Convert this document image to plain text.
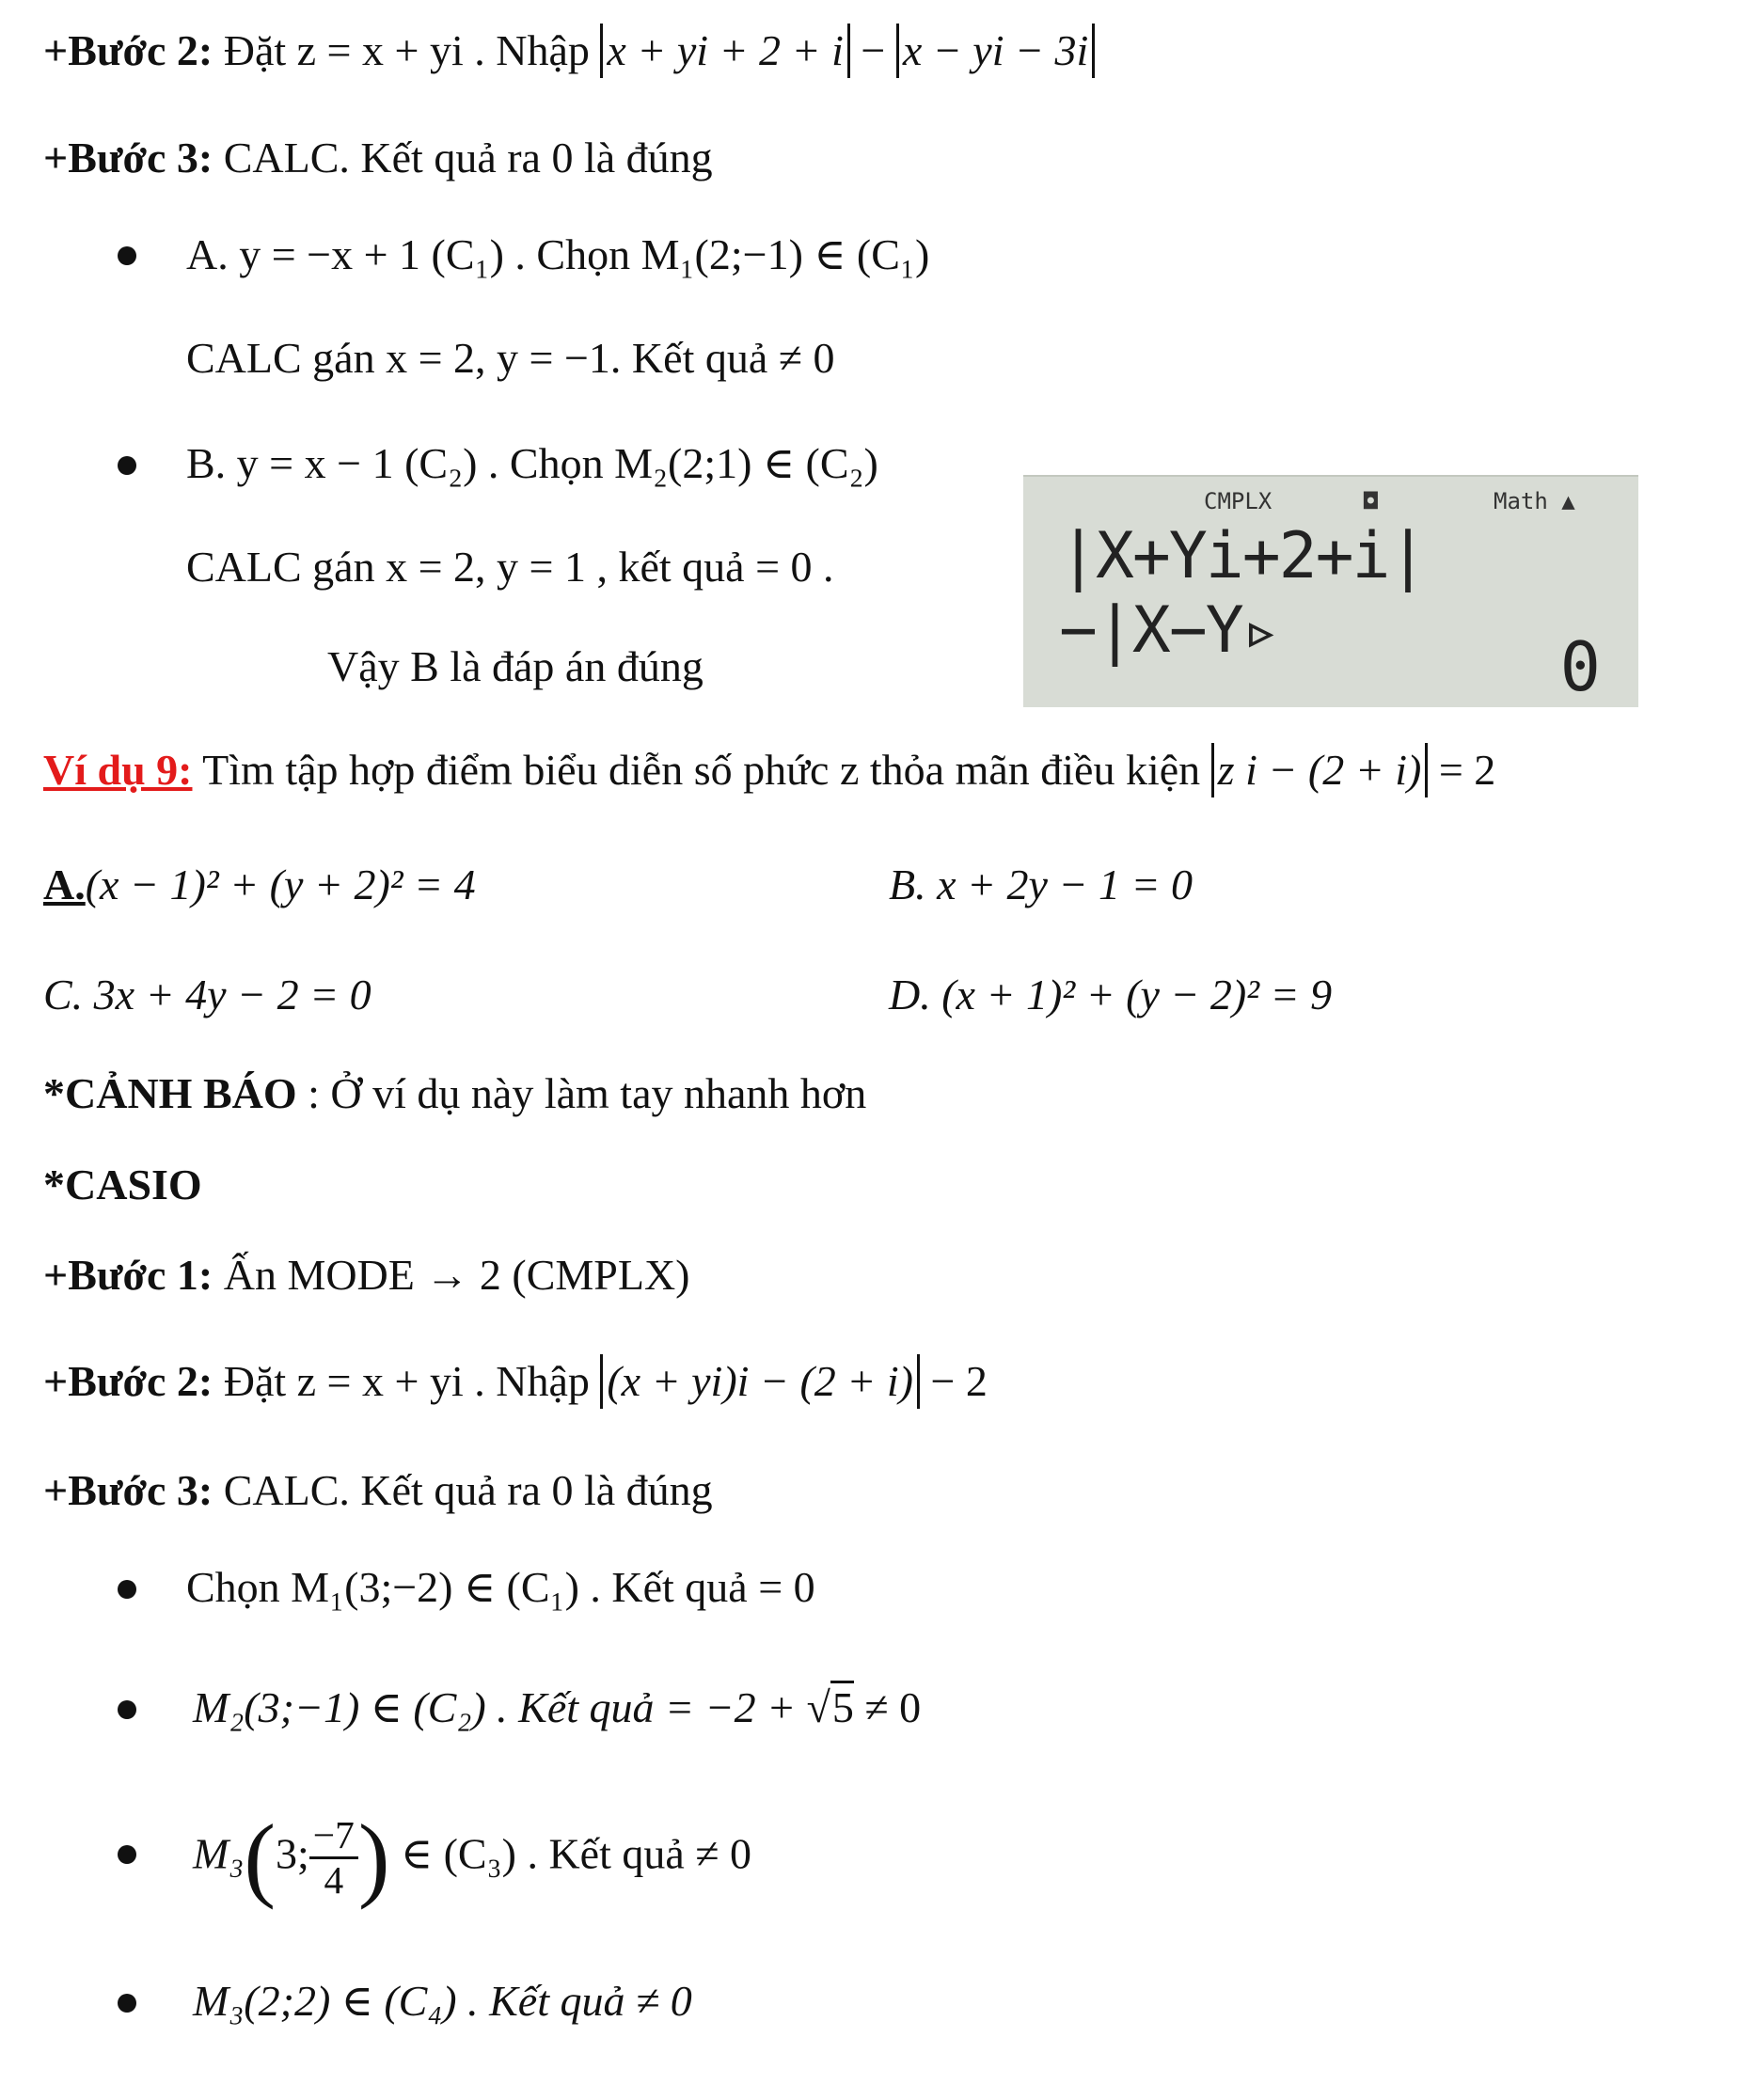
+Bước 2: Đặt z = x + yi . Nhập x + yi + 2 + i − x − yi − 3i
+Bước 3: CALC. Kết quả ra 0 là đúng
A. y = −x + 1 (C₁) . Chọn M₁(2;−1) ∈ (C₁)
CALC gán x = 2, y = −1. Kết quả ≠ 0
B. y = x − 1 (C₂) . Chọn M₂(2;1) ∈ (C₂)
CALC gán x = 2, y = 1 , kết quả = 0 .
Vậy B là đáp án đúng
CMPLX	◘	Math ▲
|X+Yi+2+i|−|X−Y▹	0
Ví dụ 9: Tìm tập hợp điểm biểu diễn số phức z thỏa mãn điều kiện z i − (2 + i) = 2
A.(x − 1)² + (y + 2)² = 4	B. x + 2y − 1 = 0
C. 3x + 4y − 2 = 0	D. (x + 1)² + (y − 2)² = 9
*CẢNH BÁO : Ở ví dụ này làm tay nhanh hơn
*CASIO
+Bước 1: Ấn MODE → 2 (CMPLX)
+Bước 2: Đặt z = x + yi . Nhập (x + yi)i − (2 + i) − 2
+Bước 3: CALC. Kết quả ra 0 là đúng
Chọn M₁(3;−2) ∈ (C₁) . Kết quả = 0
M₂(3;−1) ∈ (C₂) . Kết quả = −2 + √5 ≠ 0
M₃(3; $\frac{-7}{4}$ ) ∈ (C₃) . Kết quả ≠ 0
M₃(2;2) ∈ (C₄) . Kết quả ≠ 0
